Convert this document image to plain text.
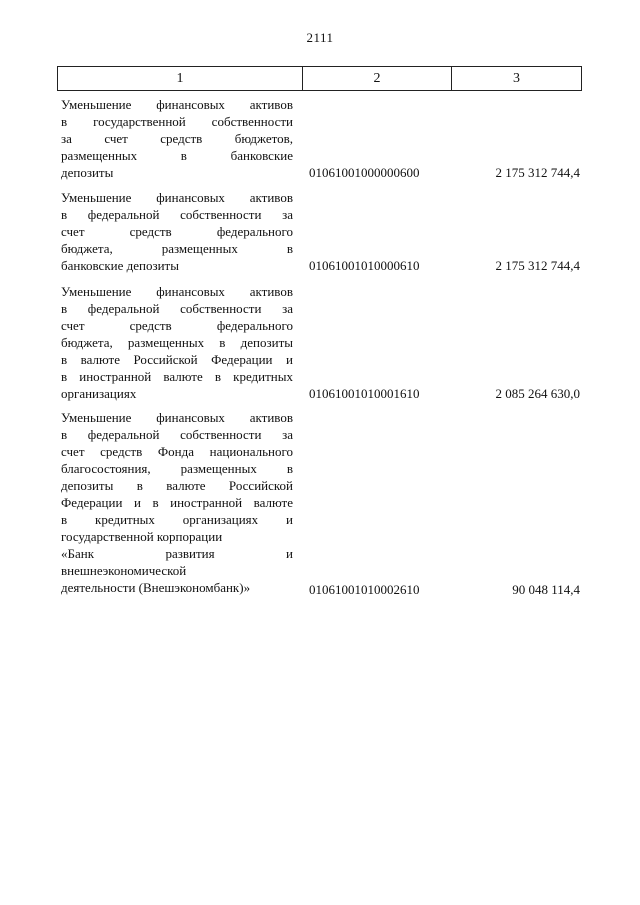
2111
1	2	3
Уменьшение финансовых активов
в государственной собственности
за счет средств бюджетов,
размещенных в банковские
депозиты	01061001000000600	2 175 312 744,4
Уменьшение финансовых активов
в федеральной собственности за
счет средств федерального
бюджета, размещенных в
банковские депозиты	01061001010000610	2 175 312 744,4
Уменьшение финансовых активов
в федеральной собственности за
счет средств федерального
бюджета, размещенных в депозиты
в валюте Российской Федерации и
в иностранной валюте в кредитных
организациях	01061001010001610	2 085 264 630,0
Уменьшение финансовых активов
в федеральной собственности за
счет средств Фонда национального
благосостояния, размещенных в
депозиты в валюте Российской
Федерации и в иностранной валюте
в кредитных организациях и
государственной корпорации
«Банк развития и
внешнеэкономической
деятельности (Внешэкономбанк)»	01061001010002610	90 048 114,4
